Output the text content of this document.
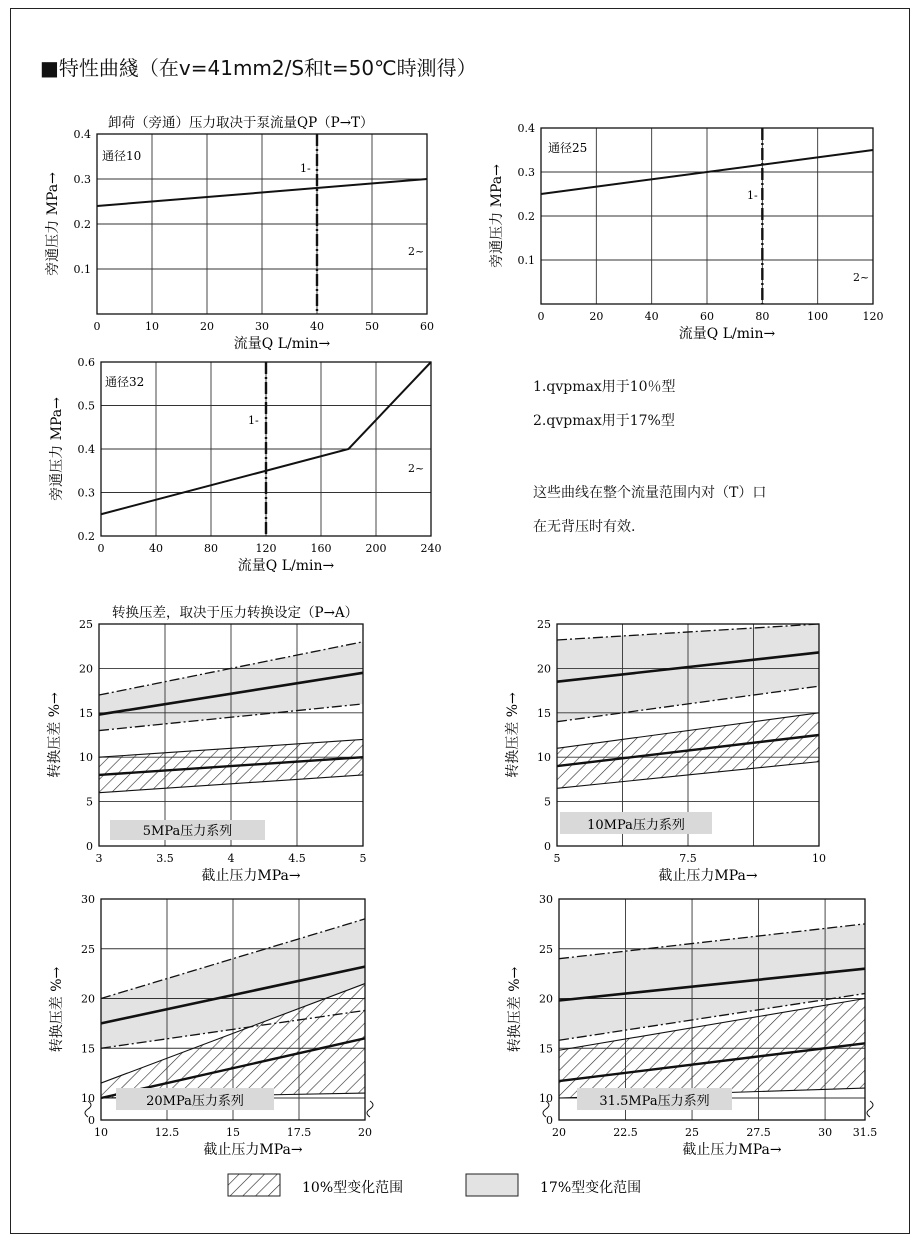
■特性曲綫（在v=41mm2/S和t=50℃時測得）
1.qvpmax用于10％型
2.qvpmax用于17%型
这些曲线在整个流量范围内对（T）口
在无背压时有效.
10%型变化范围	17%型变化范围
0	10	20	30	40	50	60
0.1
0.2
0.3
0.4
1-
2~
通径10
卸荷（旁通）压力取决于泵流量QP（P→T）
流量Q L/min→
旁通压力 MPa→
0	20	40	60	80	100	120
0.1
0.2
0.3
0.4
1-
2~
通径25
流量Q L/min→
旁通压力 MPa→
0	40	80	120	160	200	240
0.2
0.3
0.4
0.5
0.6
1-
2~
通径32
流量Q L/min→
旁通压力 MPa→
3	3.5	4	4.5	5
0
5
10
15
20
25
5MPa压力系列
转换压差，取决于压力转换设定（P→A）
截止压力MPa→
转换压差 %→
5	7.5	10
0
5
10
15
20
25
10MPa压力系列
截止压力MPa→
转换压差 %→
10	12.5	15	17.5	20
0
10
15
20
25
30
20MPa压力系列
截止压力MPa→
转换压差 %→
20	22.5	25	27.5	30 31.5
0
10
15
20
25
30
31.5MPa压力系列
截止压力MPa→
转换压差 %→
